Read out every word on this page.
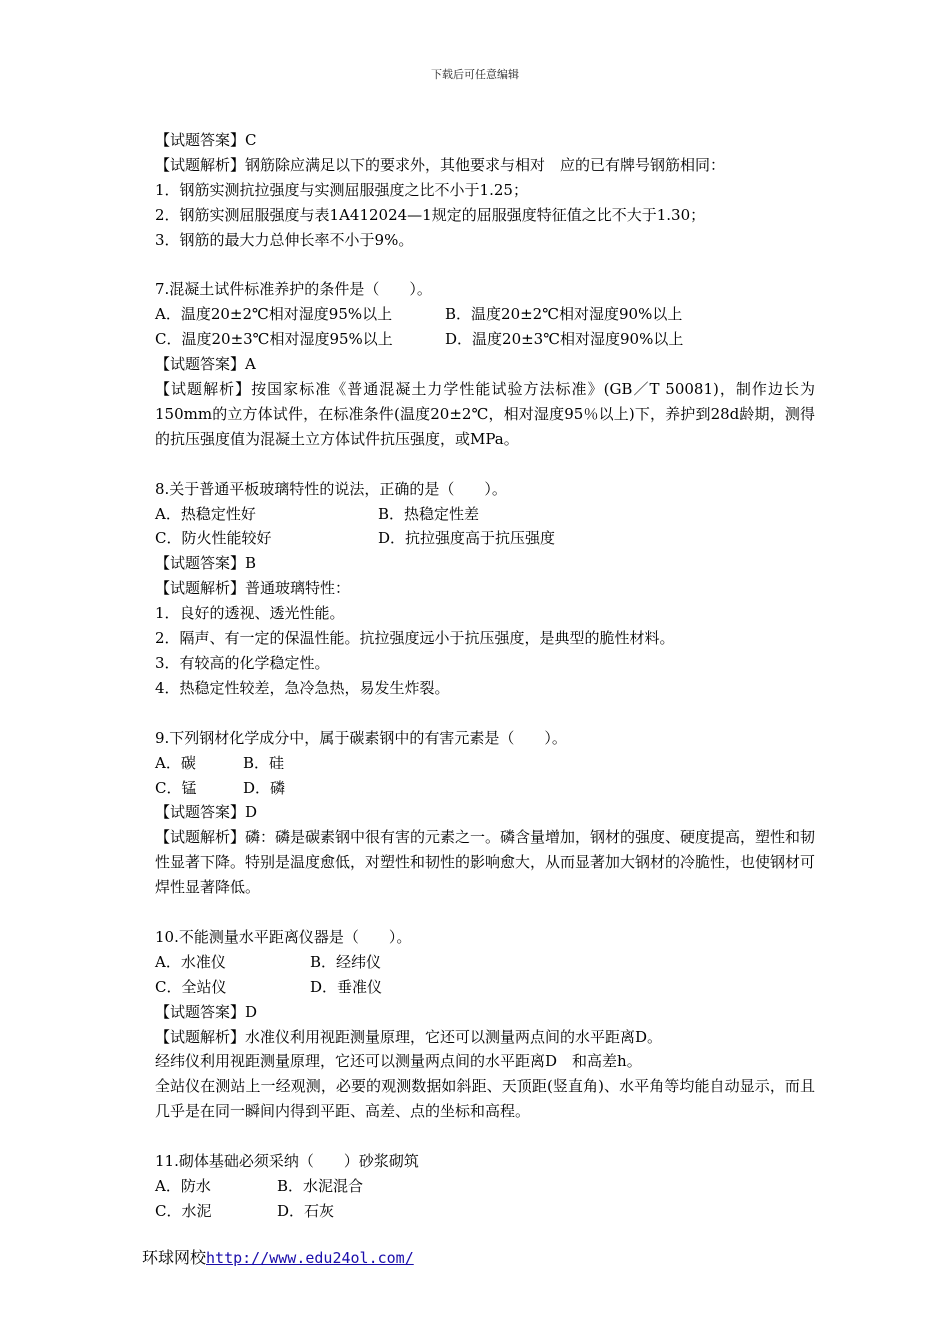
下载后可任意编辑
【试题答案】C
【试题解析】钢筋除应满足以下的要求外，其他要求与相对　应的已有牌号钢筋相同：
1．钢筋实测抗拉强度与实测屈服强度之比不小于1.25；
2．钢筋实测屈服强度与表1A412024—1规定的屈服强度特征值之比不大于1.30；
3．钢筋的最大力总伸长率不小于9%。
7.混凝土试件标准养护的条件是（　　）。
A．温度20±2℃相对湿度95%以上	B．温度20±2℃相对湿度90%以上
C．温度20±3℃相对湿度95%以上	D．温度20±3℃相对湿度90%以上
【试题答案】A
【试题解析】按国家标准《普通混凝土力学性能试验方法标准》(GB／T 50081)，制作边长为150mm的立方体试件，在标准条件(温度20±2℃，相对湿度95％以上)下，养护到28d龄期，测得的抗压强度值为混凝土立方体试件抗压强度，或MPa。
8.关于普通平板玻璃特性的说法，正确的是（　　）。
A．热稳定性好	B．热稳定性差
C．防火性能较好	D．抗拉强度高于抗压强度
【试题答案】B
【试题解析】普通玻璃特性：
1．良好的透视、透光性能。
2．隔声、有一定的保温性能。抗拉强度远小于抗压强度，是典型的脆性材料。
3．有较高的化学稳定性。
4．热稳定性较差，急冷急热，易发生炸裂。
9.下列钢材化学成分中，属于碳素钢中的有害元素是（　　）。
A．碳	B．硅
C．锰	D．磷
【试题答案】D
【试题解析】磷：磷是碳素钢中很有害的元素之一。磷含量增加，钢材的强度、硬度提高，塑性和韧性显著下降。特别是温度愈低，对塑性和韧性的影响愈大，从而显著加大钢材的冷脆性，也使钢材可焊性显著降低。
10.不能测量水平距离仪器是（　　）。
A．水准仪	B．经纬仪
C．全站仪	D．垂准仪
【试题答案】D
【试题解析】水准仪利用视距测量原理，它还可以测量两点间的水平距离D。
经纬仪利用视距测量原理，它还可以测量两点间的水平距离D　和高差h。
全站仪在测站上一经观测，必要的观测数据如斜距、天顶距(竖直角)、水平角等均能自动显示，而且几乎是在同一瞬间内得到平距、高差、点的坐标和高程。
11.砌体基础必须采纳（　　）砂浆砌筑
A．防水	B．水泥混合
C．水泥	D．石灰
环球网校http://www.edu24ol.com/
